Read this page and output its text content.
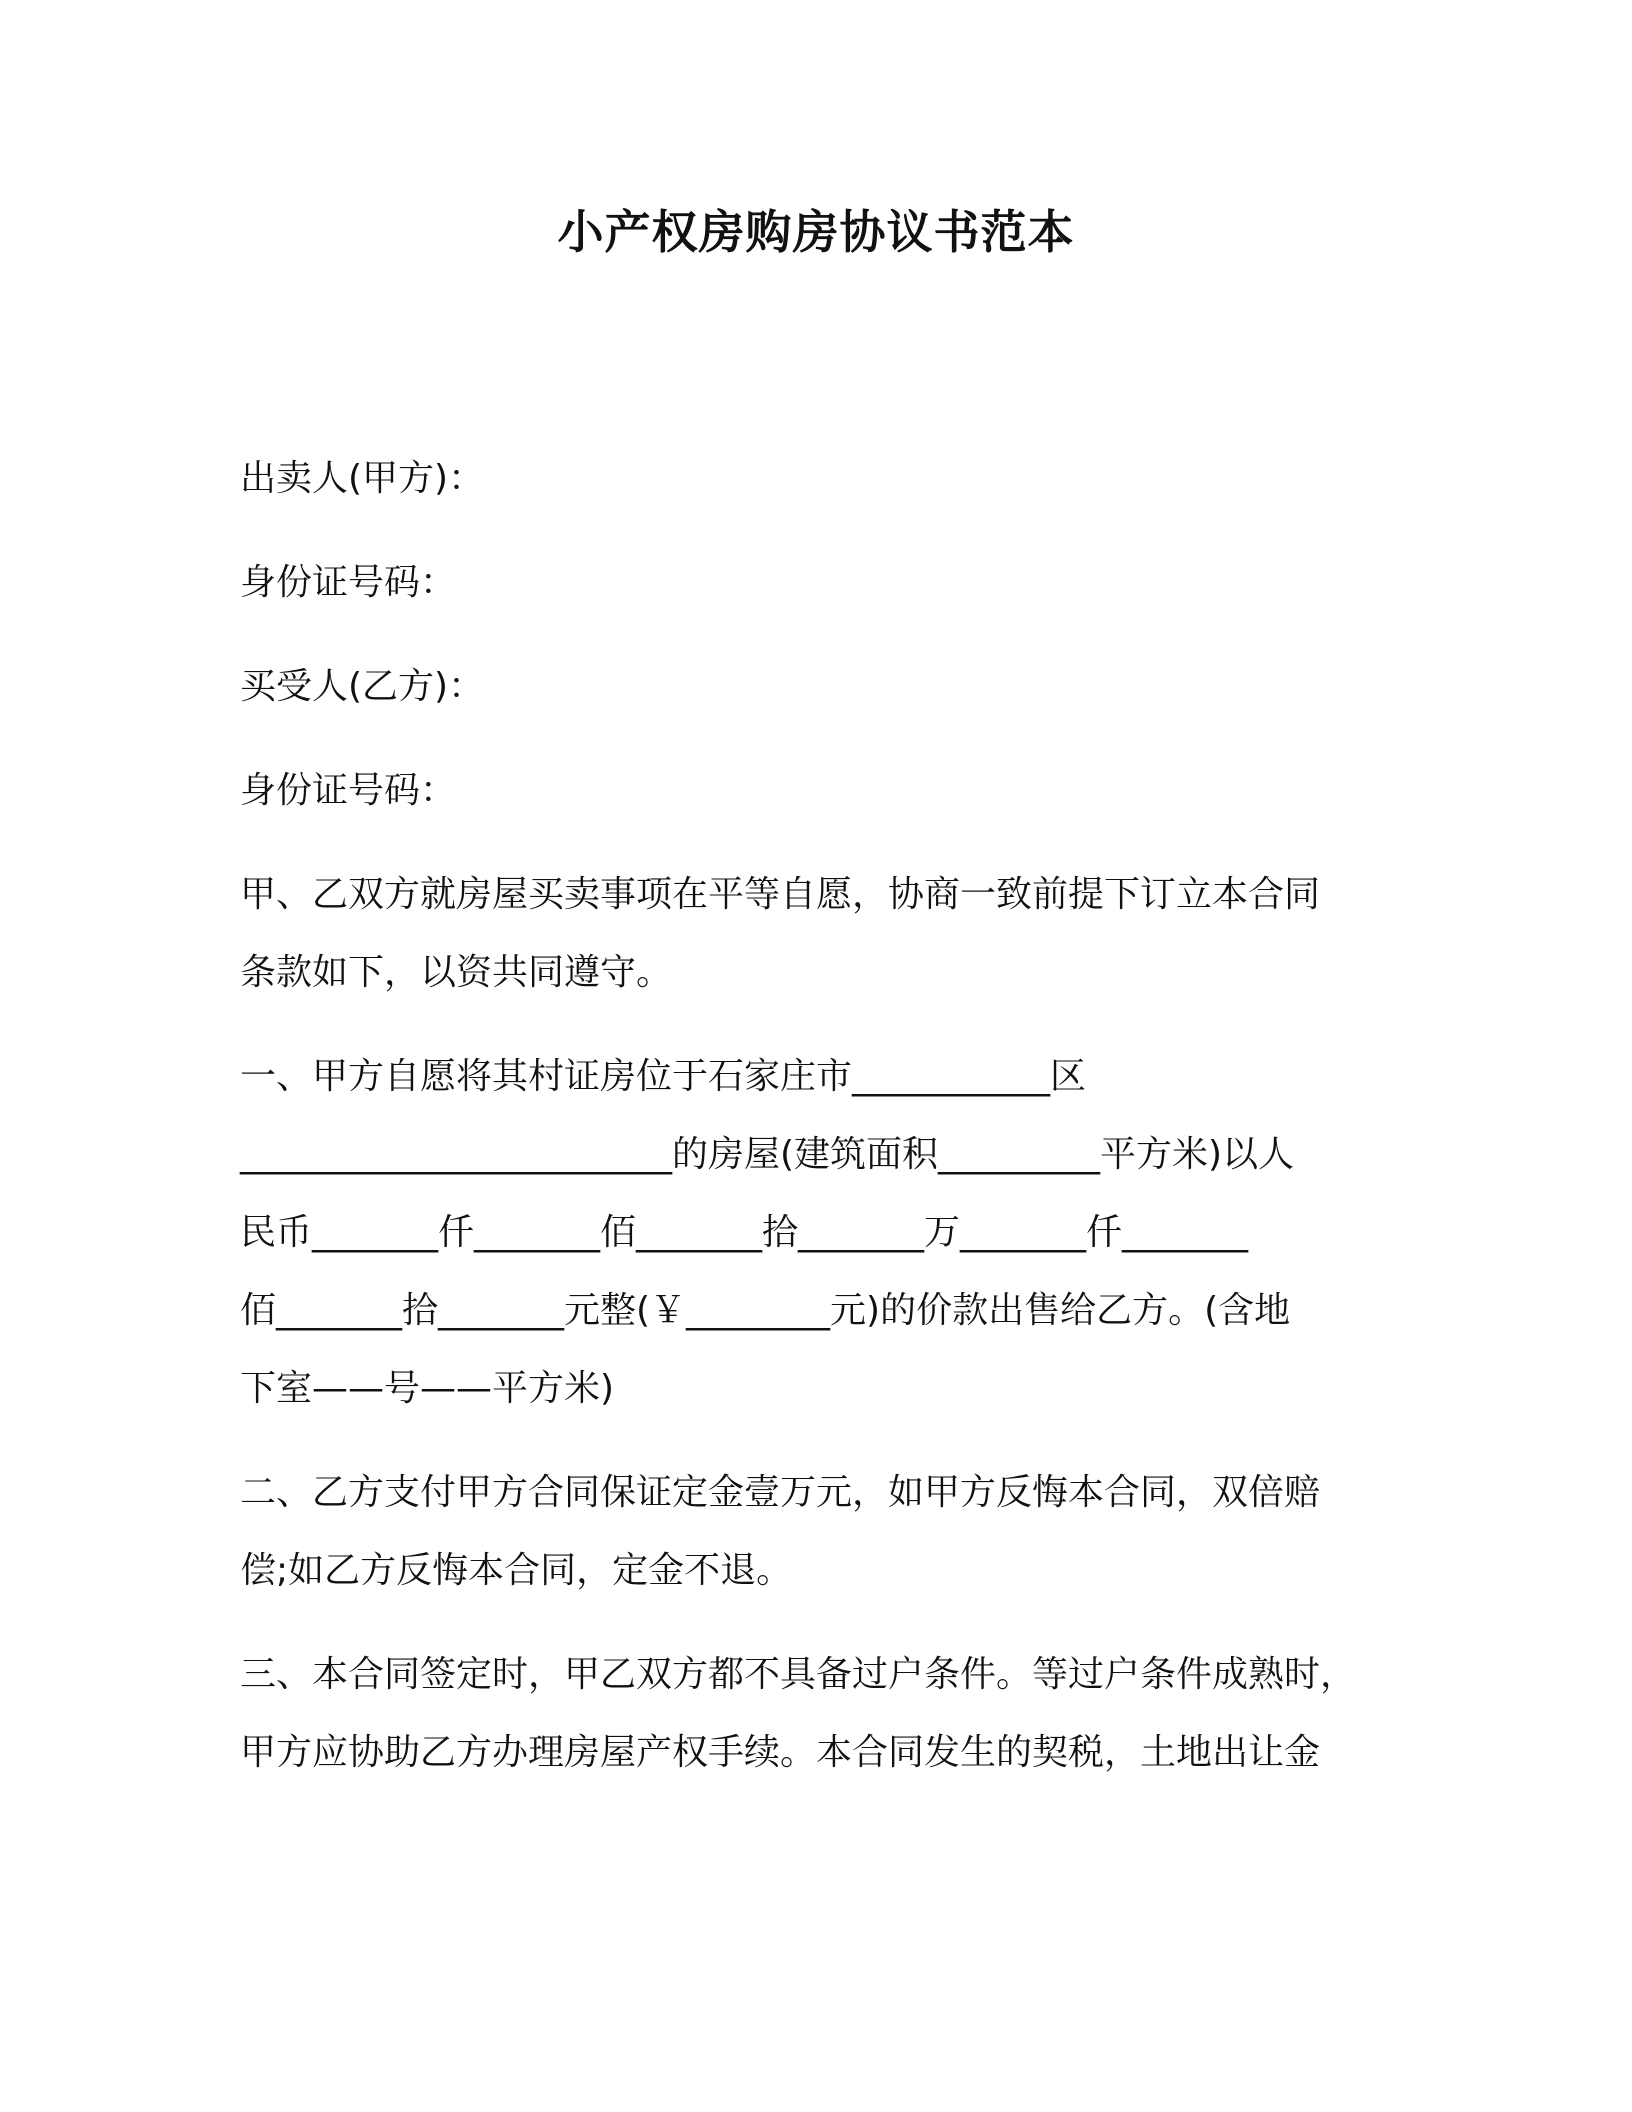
小产权房购房协议书范本
出卖人(甲方)：
身份证号码：
买受人(乙方)：
身份证号码：
甲、乙双方就房屋买卖事项在平等自愿，协商一致前提下订立本合同
条款如下，以资共同遵守。
一、甲方自愿将其村证房位于石家庄市___________区
________________________的房屋(建筑面积_________平方米)以人
民币_______仟_______佰_______拾_______万_______仟_______
佰_______拾_______元整(￥________元)的价款出售给乙方。(含地
下室——号——平方米)
二、乙方支付甲方合同保证定金壹万元，如甲方反悔本合同，双倍赔
偿;如乙方反悔本合同，定金不退。
三、本合同签定时，甲乙双方都不具备过户条件。等过户条件成熟时，
甲方应协助乙方办理房屋产权手续。本合同发生的契税，土地出让金
